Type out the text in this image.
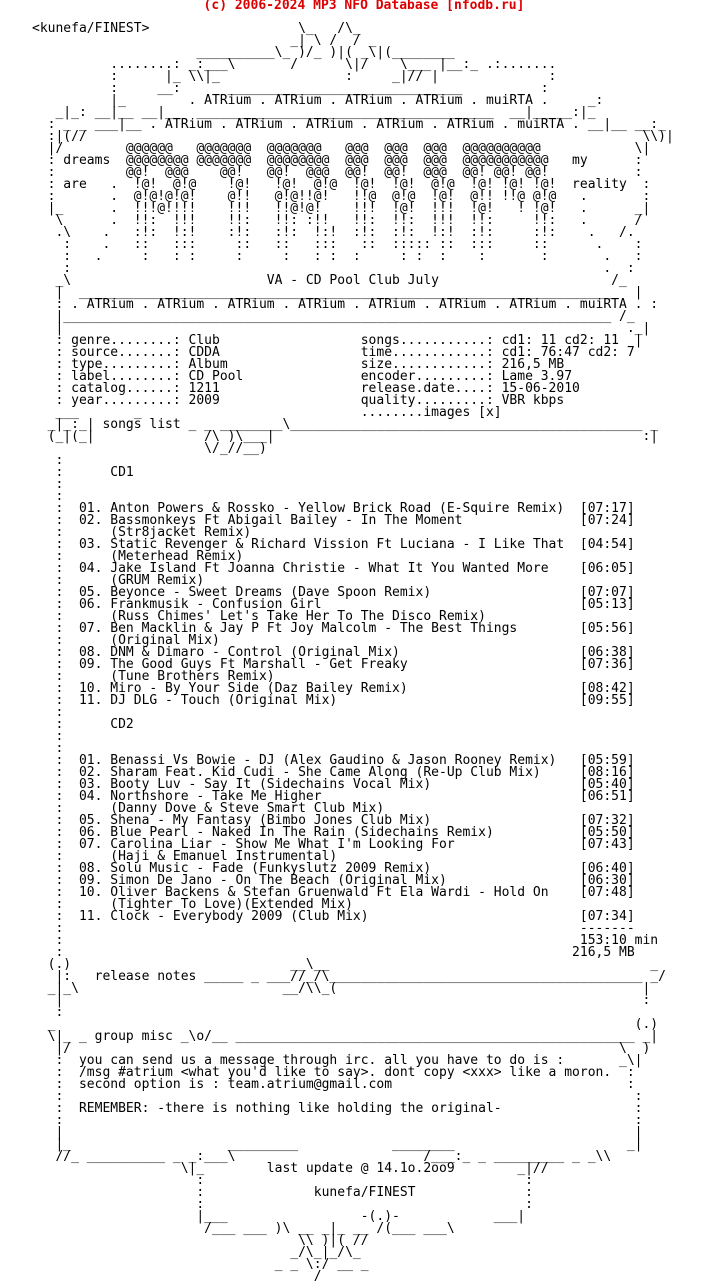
(c) 2006-2024 MP3 NFO Database [nfodb.ru]
<kunefa/FINEST>                   \_   /\_
_| \ /  / _
__________\_ )/_ )|( _\|(________
........: _:___\       /      \|/    \___ |__:_ .:.......
:      |_ \\|_                :     _|// |              :
:     __:      ______________________________          :
|_        . ATRium . ATRium . ATRium . ATRium . muiRTA .     _:
_|_: __|__ __|__  ______________________________________  __|__ __:|_
: _ _ ___|__ . ATRium . ATRium . ATRium . ATRium . ATRium . muiRTA . __|__ __:_
:|(//                                                                       \\)|
|/        @@@@@@   @@@@@@@  @@@@@@@   @@@  @@@  @@@  @@@@@@@@@@            \|
: dreams  @@@@@@@@ @@@@@@@  @@@@@@@@  @@@  @@@  @@@  @@@@@@@@@@@   my      :
:         @@!  @@@    @@!   @@!  @@@  @@!  @@!  @@@  @@! @@! @@!           :
: are   .  !@!  @!@    !@!   !@!  @!@  !@!  !@!  @!@  !@! !@! !@!  reality  :
:       .  @!@!@!@!    @!!   @!@!!@!   !!@  @!@  !@!  @!! !!@ @!@   .       :
|_      .  !!!@!!!!    !!!   !!@!@!    !!!  !@!  !!!  !@!   ! !@!   .      _|
\      .  !!:  !!!    !!:   !!: :!!   !!:  !!:  !!!  !!:     !!:   .      /
.\    .   :!:  !:!    :!:   :!:  !:!  :!:  :!:  !:!  :!:     :!:    .   /.
:    .   ::   :::     ::   ::   :::   ::  ::::: ::  :::     ::      .    :
:   .     :   : :     :     :   : :  :     : :  :    :       :       .   :
:                                                                    .  :
_\                         VA - CD Pool Club July                      /_
|  _____________________________________________________________________  |
: . ATRium . ATRium . ATRium . ATRium . ATRium . ATRium . ATRium . muiRTA . :
|______________________________________________________________________ /_
|                                                                        ._|
: genre........: Club                  songs...........: cd1: 11 cd2: 11  |
: source.......: CDDA                  time............: cd1: 76:47 cd2: 7
: type.........: Album                 size............: 216,5 MB
: label........: CD Pool               encoder.........: Lame 3.97
: catalog......: 1211                  release.date....: 15-06-2010
: year.........: 2009                  quality.........: VBR kbps
___       _                            ........images [x]
_|_:_| songs list _ _ ________\_____________________________________________ _
(_|(_|              /\ )\___|                                               :|
\/_//__)
:
:      CD1
:
:
:  01. Anton Powers & Rossko - Yellow Brick Road (E-Squire Remix)  [07:17]
:  02. Bassmonkeys Ft Abigail Bailey - In The Moment               [07:24]
:      (Str8jacket Remix)
:  03. Static Revenger & Richard Vission Ft Luciana - I Like That  [04:54]
:      (Meterhead Remix)
:  04. Jake Island Ft Joanna Christie - What It You Wanted More    [06:05]
:      (GRUM Remix)
:  05. Beyonce - Sweet Dreams (Dave Spoon Remix)                   [07:07]
:  06. Frankmusik - Confusion Girl                                 [05:13]
:      (Russ Chimes' Let's Take Her To The Disco Remix)
:  07. Ben Macklin & Jay P Ft Joy Malcolm - The Best Things        [05:56]
:      (Original Mix)
:  08. DNM & Dimaro - Control (Original Mix)                       [06:38]
:  09. The Good Guys Ft Marshall - Get Freaky                      [07:36]
:      (Tune Brothers Remix)
:  10. Miro - By Your Side (Daz Bailey Remix)                      [08:42]
:  11. DJ DLG - Touch (Original Mix)                               [09:55]
:
:      CD2
:
:
:  01. Benassi Vs Bowie - DJ (Alex Gaudino & Jason Rooney Remix)   [05:59]
:  02. Sharam Feat. Kid Cudi - She Came Along (Re-Up Club Mix)     [08:16]
:  03. Booty Luv - Say It (Sidechains Vocal Mix)                   [05:40]
:  04. Northshore - Take Me Higher                                 [06:51]
:      (Danny Dove & Steve Smart Club Mix)
:  05. Shena - My Fantasy (Bimbo Jones Club Mix)                   [07:32]
:  06. Blue Pearl - Naked In The Rain (Sidechains Remix)           [05:50]
:  07. Carolina Liar - Show Me What I'm Looking For                [07:43]
:      (Haji & Emanuel Instrumental)
:  08. Solu Music - Fade (Funkyslutz 2009 Remix)                   [06:40]
:  09. Simon De Jano - On The Beach (Original Mix)                 [06:30]
:  10. Oliver Backens & Stefan Gruenwald Ft Ela Wardi - Hold On    [07:48]
:      (Tighter To Love)(Extended Mix)
:  11. Clock - Everybody 2009 (Club Mix)                           [07:34]
:                                                                  -------
:                                                                  153:10 min
:                                                                 216,5 MB
(.)                            __\__                                         _
|:   release notes _____ _ ___//_/\________________________________________ _/
_|_\                          __/\\_(                                       |
|                                                                          :
:
_                                                                          (.)
\|_ _ group misc _\o/__ ___________________________________________________ _|
|/                                                                      \  )
:  you can send us a message through irc. all you have to do is :       _\|
:  /msg #atrium <what you'd like to say>. dont copy <xxx> like a moron.  :
:  second option is : team.atrium@gmail.com                              :
:                                                                         :
:  REMEMBER: -there is nothing like holding the original-                 :
:                                                                         :
|                                                                         |
|_                    _________            ________                      _|
//_ __________ _ _:___\                        /___:_ _ _________ _ _\\
\|_        last update @ 14.1o.2oo9        _|//
:                                         :
:              kunefa/FINEST              :
:                                         :
|___                 -(.)-            ___|
/___ ___ )\ __ _|_ __ /(___ ___\
\\ )|( //
_/\_|_/\_
_ _ \:/ __ _
/
